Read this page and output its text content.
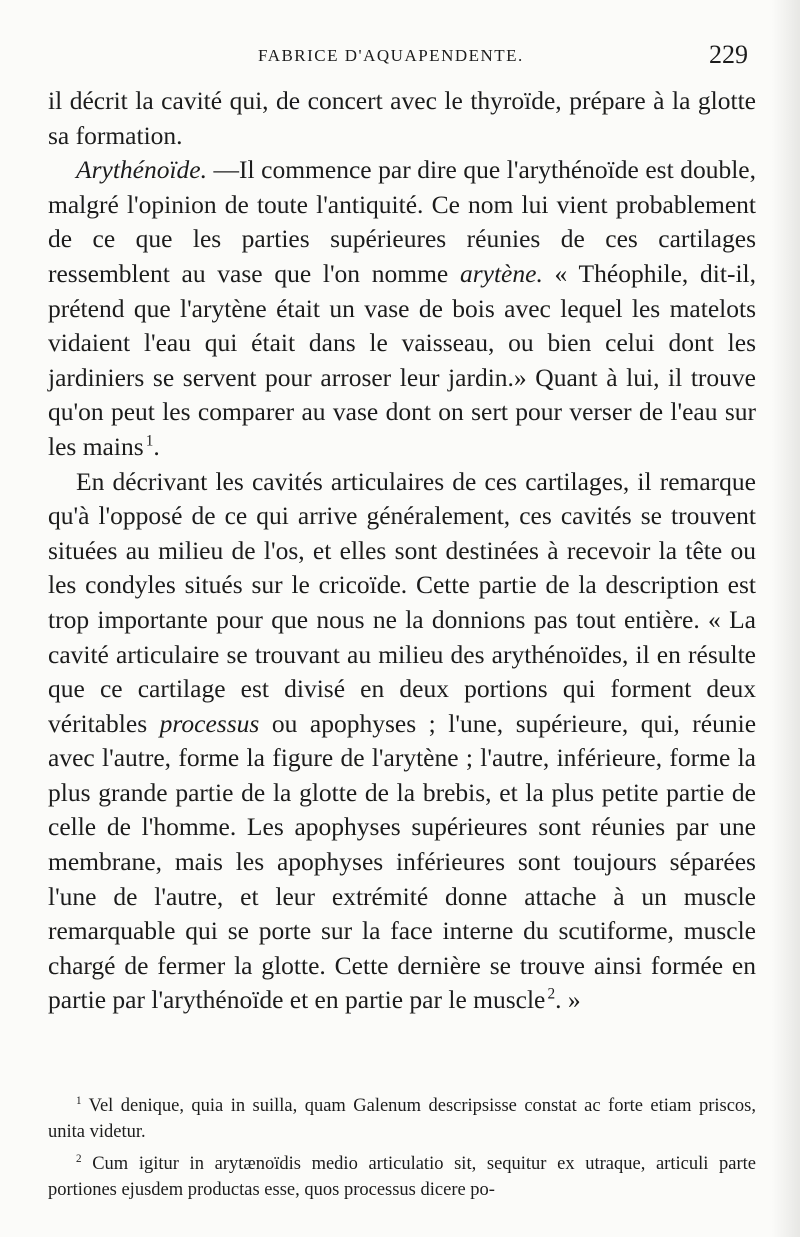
FABRICE D'AQUAPENDENTE.	229

il décrit la cavité qui, de concert avec le thyroïde, prépare à la glotte sa formation.

Arythénoïde. —Il commence par dire que l'arythénoïde est double, malgré l'opinion de toute l'antiquité. Ce nom lui vient probablement de ce que les parties supérieures réunies de ces cartilages ressemblent au vase que l'on nomme arytène. « Théophile, dit-il, prétend que l'arytène était un vase de bois avec lequel les matelots vidaient l'eau qui était dans le vaisseau, ou bien celui dont les jardiniers se servent pour arroser leur jardin.» Quant à lui, il trouve qu'on peut les comparer au vase dont on sert pour verser de l'eau sur les mains  $^1$.

En décrivant les cavités articulaires de ces cartilages, il remarque qu'à l'opposé de ce qui arrive généralement, ces cavités se trouvent situées au milieu de l'os, et elles sont destinées à recevoir la tête ou les condyles situés sur le cricoïde. Cette partie de la description est trop importante pour que nous ne la donnions pas tout entière. « La cavité articulaire se trouvant au milieu des arythénoïdes, il en résulte que ce cartilage est divisé en deux portions qui forment deux véritables processus ou apophyses ; l'une, supérieure, qui, réunie avec l'autre, forme la figure de l'arytène ; l'autre, inférieure, forme la plus grande partie de la glotte de la brebis, et la plus petite partie de celle de l'homme. Les apophyses supérieures sont réunies par une membrane, mais les apophyses inférieures sont toujours séparées l'une de l'autre, et leur extrémité donne attache à un muscle remarquable qui se porte sur la face interne du scutiforme, muscle chargé de fermer la glotte. Cette dernière se trouve ainsi formée en partie par l'arythénoïde et en partie par le muscle  $^2$. »

$^1$ Vel denique, quia in suilla, quam Galenum descripsisse constat ac forte etiam priscos, unita videtur.

$^2$ Cum igitur in arytænoïdis medio articulatio sit, sequitur ex utraque, articuli parte portiones ejusdem productas esse, quos processus dicere po-
